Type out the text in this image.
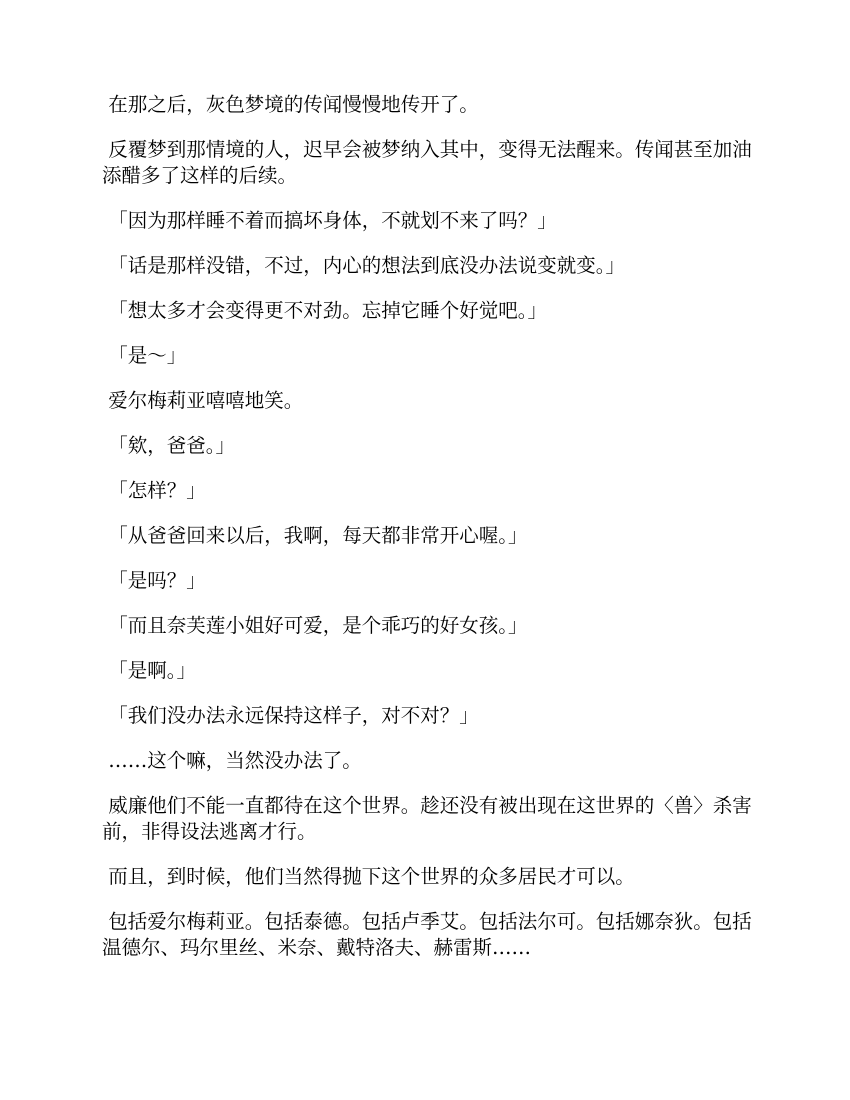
在那之后，灰色梦境的传闻慢慢地传开了。

反覆梦到那情境的人，迟早会被梦纳入其中，变得无法醒来。传闻甚至加油添醋多了这样的后续。

「因为那样睡不着而搞坏身体，不就划不来了吗？」

「话是那样没错，不过，内心的想法到底没办法说变就变。」

「想太多才会变得更不对劲。忘掉它睡个好觉吧。」

「是～」

爱尔梅莉亚嘻嘻地笑。

「欸，爸爸。」

「怎样？」

「从爸爸回来以后，我啊，每天都非常开心喔。」

「是吗？」

「而且奈芙莲小姐好可爱，是个乖巧的好女孩。」

「是啊。」

「我们没办法永远保持这样子，对不对？」

……这个嘛，当然没办法了。

威廉他们不能一直都待在这个世界。趁还没有被出现在这世界的〈兽〉杀害前，非得设法逃离才行。

而且，到时候，他们当然得抛下这个世界的众多居民才可以。

包括爱尔梅莉亚。包括泰德。包括卢季艾。包括法尔可。包括娜奈狄。包括温德尔、玛尔里丝、米奈、戴特洛夫、赫雷斯……
